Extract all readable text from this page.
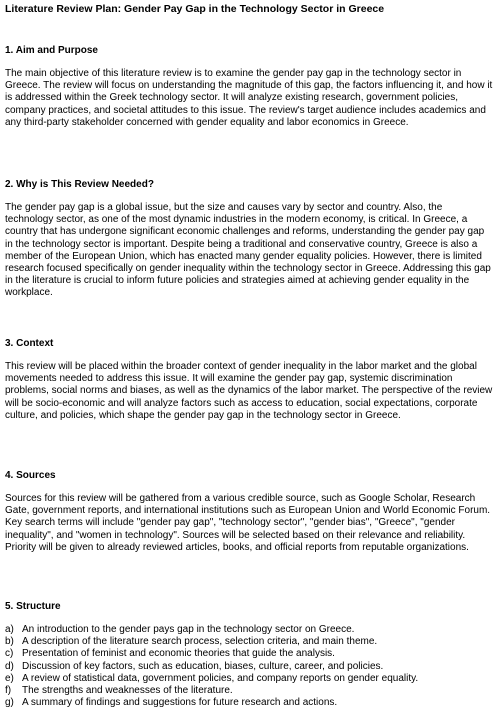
Literature Review Plan: Gender Pay Gap in the Technology Sector in Greece

1. Aim and Purpose

The main objective of this literature review is to examine the gender pay gap in the technology sector in Greece. The review will focus on understanding the magnitude of this gap, the factors influencing it, and how it is addressed within the Greek technology sector. It will analyze existing research, government policies, company practices, and societal attitudes to this issue. The review's target audience includes academics and any third-party stakeholder concerned with gender equality and labor economics in Greece.

2. Why is This Review Needed?

The gender pay gap is a global issue, but the size and causes vary by sector and country. Also, the technology sector, as one of the most dynamic industries in the modern economy, is critical. In Greece, a country that has undergone significant economic challenges and reforms, understanding the gender pay gap in the technology sector is important. Despite being a traditional and conservative country, Greece is also a member of the European Union, which has enacted many gender equality policies. However, there is limited research focused specifically on gender inequality within the technology sector in Greece. Addressing this gap in the literature is crucial to inform future policies and strategies aimed at achieving gender equality in the workplace.

3. Context

This review will be placed within the broader context of gender inequality in the labor market and the global movements needed to address this issue. It will examine the gender pay gap, systemic discrimination problems, social norms and biases, as well as the dynamics of the labor market. The perspective of the review will be socio-economic and will analyze factors such as access to education, social expectations, corporate culture, and policies, which shape the gender pay gap in the technology sector in Greece.

4. Sources

Sources for this review will be gathered from a various credible source, such as Google Scholar, Research Gate, government reports, and international institutions such as European Union and World Economic Forum. Key search terms will include "gender pay gap", "technology sector", "gender bias", "Greece", "gender inequality", and "women in technology". Sources will be selected based on their relevance and reliability. Priority will be given to already reviewed articles, books, and official reports from reputable organizations.

5. Structure

a) An introduction to the gender pays gap in the technology sector on Greece.
b) A description of the literature search process, selection criteria, and main theme.
c) Presentation of feminist and economic theories that guide the analysis.
d) Discussion of key factors, such as education, biases, culture, career, and policies.
e) A review of statistical data, government policies, and company reports on gender equality.
f)	The strengths and weaknesses of the literature.
g) A summary of findings and suggestions for future research and actions.
